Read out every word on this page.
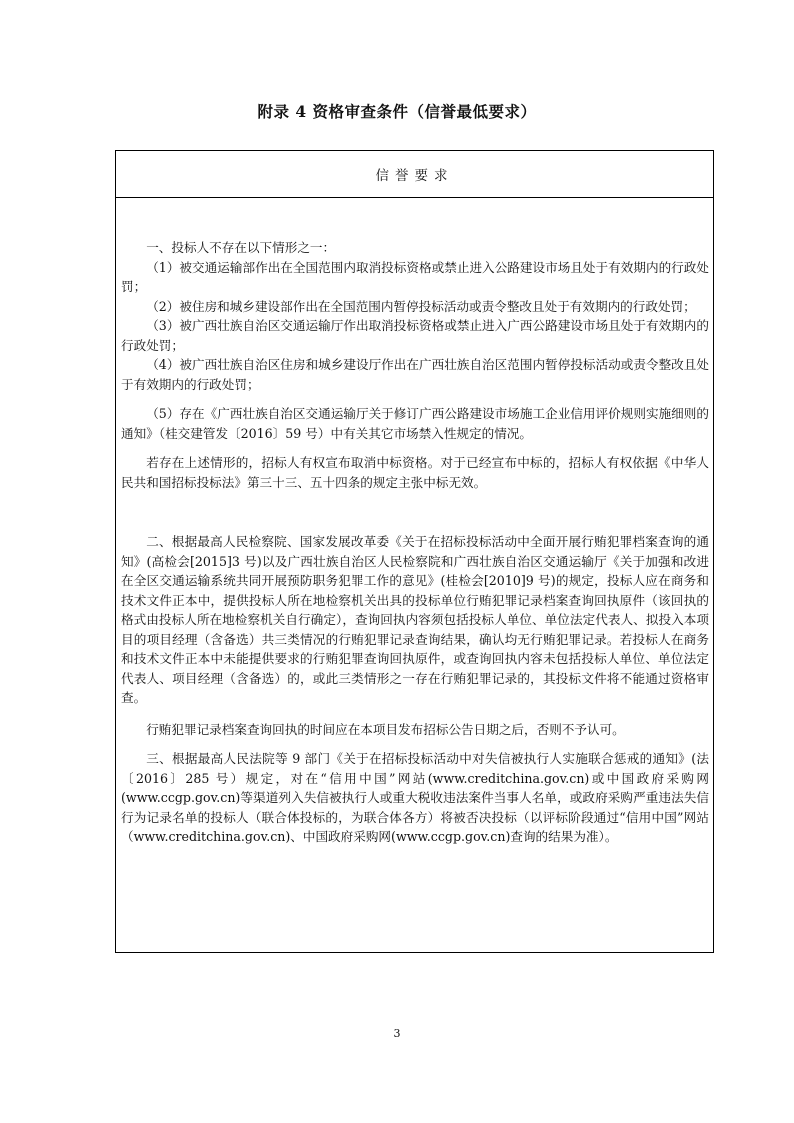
附录 4 资格审查条件（信誉最低要求）
信誉要求

一、投标人不存在以下情形之一：

（1）被交通运输部作出在全国范围内取消投标资格或禁止进入公路建设市场且处于有效期内的行政处罚；

（2）被住房和城乡建设部作出在全国范围内暂停投标活动或责令整改且处于有效期内的行政处罚；

（3）被广西壮族自治区交通运输厅作出取消投标资格或禁止进入广西公路建设市场且处于有效期内的行政处罚；

（4）被广西壮族自治区住房和城乡建设厅作出在广西壮族自治区范围内暂停投标活动或责令整改且处于有效期内的行政处罚；

（5）存在《广西壮族自治区交通运输厅关于修订广西公路建设市场施工企业信用评价规则实施细则的通知》（桂交建管发〔2016〕59 号）中有关其它市场禁入性规定的情况。

若存在上述情形的，招标人有权宣布取消中标资格。对于已经宣布中标的，招标人有权依据《中华人民共和国招标投标法》第三十三、五十四条的规定主张中标无效。

二、根据最高人民检察院、国家发展改革委《关于在招标投标活动中全面开展行贿犯罪档案查询的通知》(高检会[2015]3 号)以及广西壮族自治区人民检察院和广西壮族自治区交通运输厅《关于加强和改进在全区交通运输系统共同开展预防职务犯罪工作的意见》(桂检会[2010]9 号)的规定，投标人应在商务和技术文件正本中，提供投标人所在地检察机关出具的投标单位行贿犯罪记录档案查询回执原件（该回执的格式由投标人所在地检察机关自行确定），查询回执内容须包括投标人单位、单位法定代表人、拟投入本项目的项目经理（含备选）共三类情况的行贿犯罪记录查询结果，确认均无行贿犯罪记录。若投标人在商务和技术文件正本中未能提供要求的行贿犯罪查询回执原件，或查询回执内容未包括投标人单位、单位法定代表人、项目经理（含备选）的，或此三类情形之一存在行贿犯罪记录的，其投标文件将不能通过资格审查。

行贿犯罪记录档案查询回执的时间应在本项目发布招标公告日期之后，否则不予认可。

三、根据最高人民法院等 9 部门《关于在招标投标活动中对失信被执行人实施联合惩戒的通知》(法〔2016〕285 号）规定，对在“信用中国”网站(www.creditchina.gov.cn)或中国政府采购网(www.ccgp.gov.cn)等渠道列入失信被执行人或重大税收违法案件当事人名单，或政府采购严重违法失信行为记录名单的投标人（联合体投标的，为联合体各方）将被否决投标（以评标阶段通过“信用中国”网站（www.creditchina.gov.cn)、中国政府采购网(www.ccgp.gov.cn)查询的结果为准）。

3
